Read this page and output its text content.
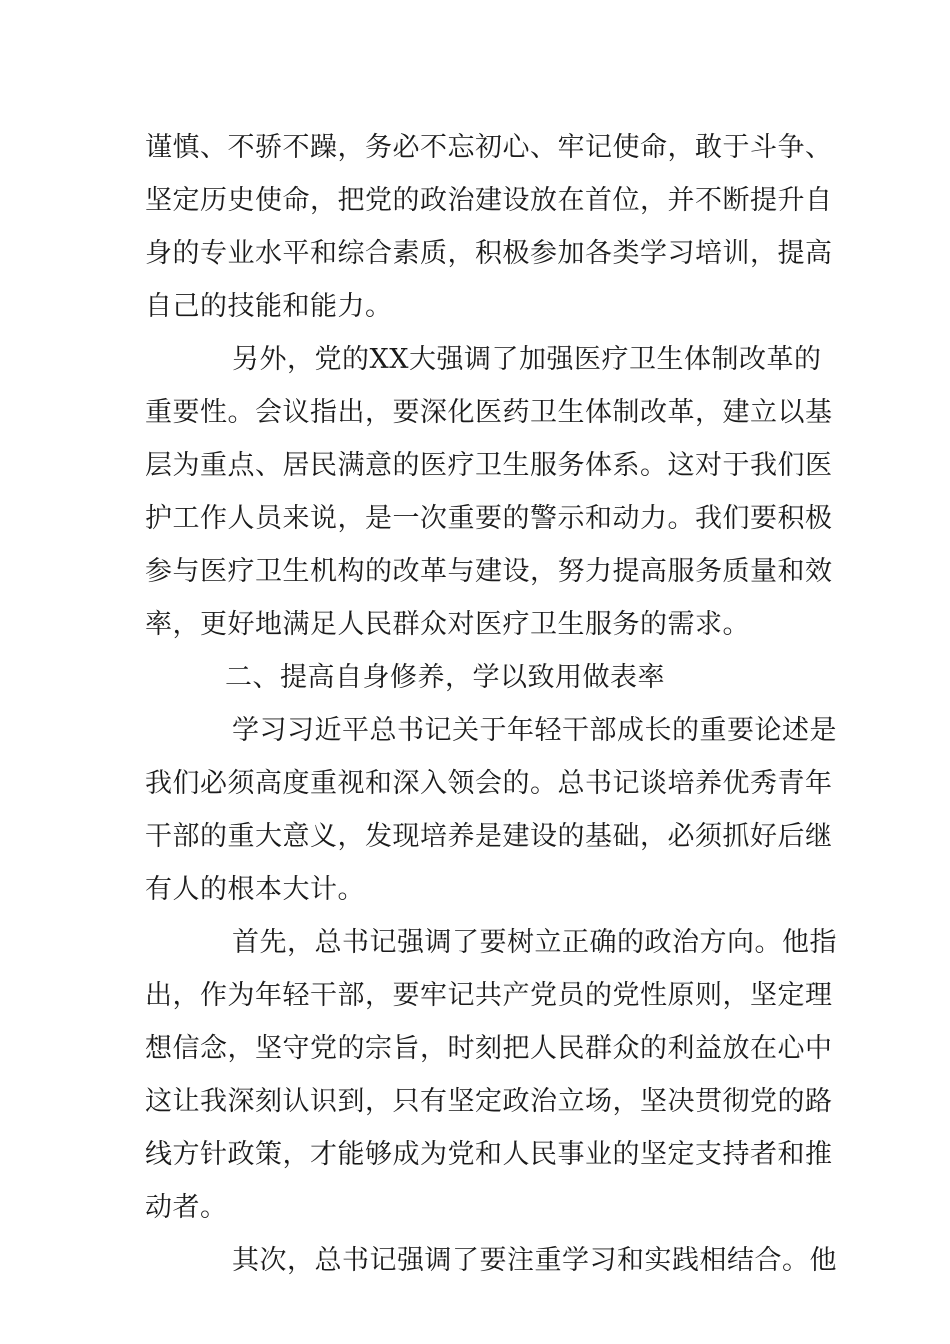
谨慎、不骄不躁，务必不忘初心、牢记使命，敢于斗争、
坚定历史使命，把党的政治建设放在首位，并不断提升自
身的专业水平和综合素质，积极参加各类学习培训，提高
自己的技能和能力。
另外，党的XX大强调了加强医疗卫生体制改革的
重要性。会议指出，要深化医药卫生体制改革，建立以基
层为重点、居民满意的医疗卫生服务体系。这对于我们医
护工作人员来说，是一次重要的警示和动力。我们要积极
参与医疗卫生机构的改革与建设，努力提高服务质量和效
率，更好地满足人民群众对医疗卫生服务的需求。
二、提高自身修养，学以致用做表率
学习习近平总书记关于年轻干部成长的重要论述是
我们必须高度重视和深入领会的。总书记谈培养优秀青年
干部的重大意义，发现培养是建设的基础，必须抓好后继
有人的根本大计。
首先，总书记强调了要树立正确的政治方向。他指
出，作为年轻干部，要牢记共产党员的党性原则，坚定理
想信念，坚守党的宗旨，时刻把人民群众的利益放在心中
这让我深刻认识到，只有坚定政治立场，坚决贯彻党的路
线方针政策，才能够成为党和人民事业的坚定支持者和推
动者。
其次，总书记强调了要注重学习和实践相结合。他
